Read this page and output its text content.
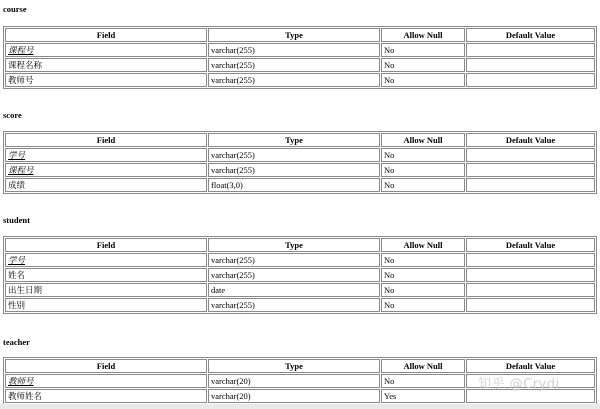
course
Field	Type	Allow Null	Default Value
课程号	varchar(255)	No	
课程名称	varchar(255)	No	
教师号	varchar(255)	No	
score
Field	Type	Allow Null	Default Value
学号	varchar(255)	No	
课程号	varchar(255)	No	
成绩	float(3,0)	No	
student
Field	Type	Allow Null	Default Value
学号	varchar(255)	No	
姓名	varchar(255)	No	
出生日期	date	No	
性别	varchar(255)	No	
teacher
Field	Type	Allow Null	Default Value
教师号	varchar(20)	No	
教师姓名	varchar(20)	Yes	
知乎 @Crydi
